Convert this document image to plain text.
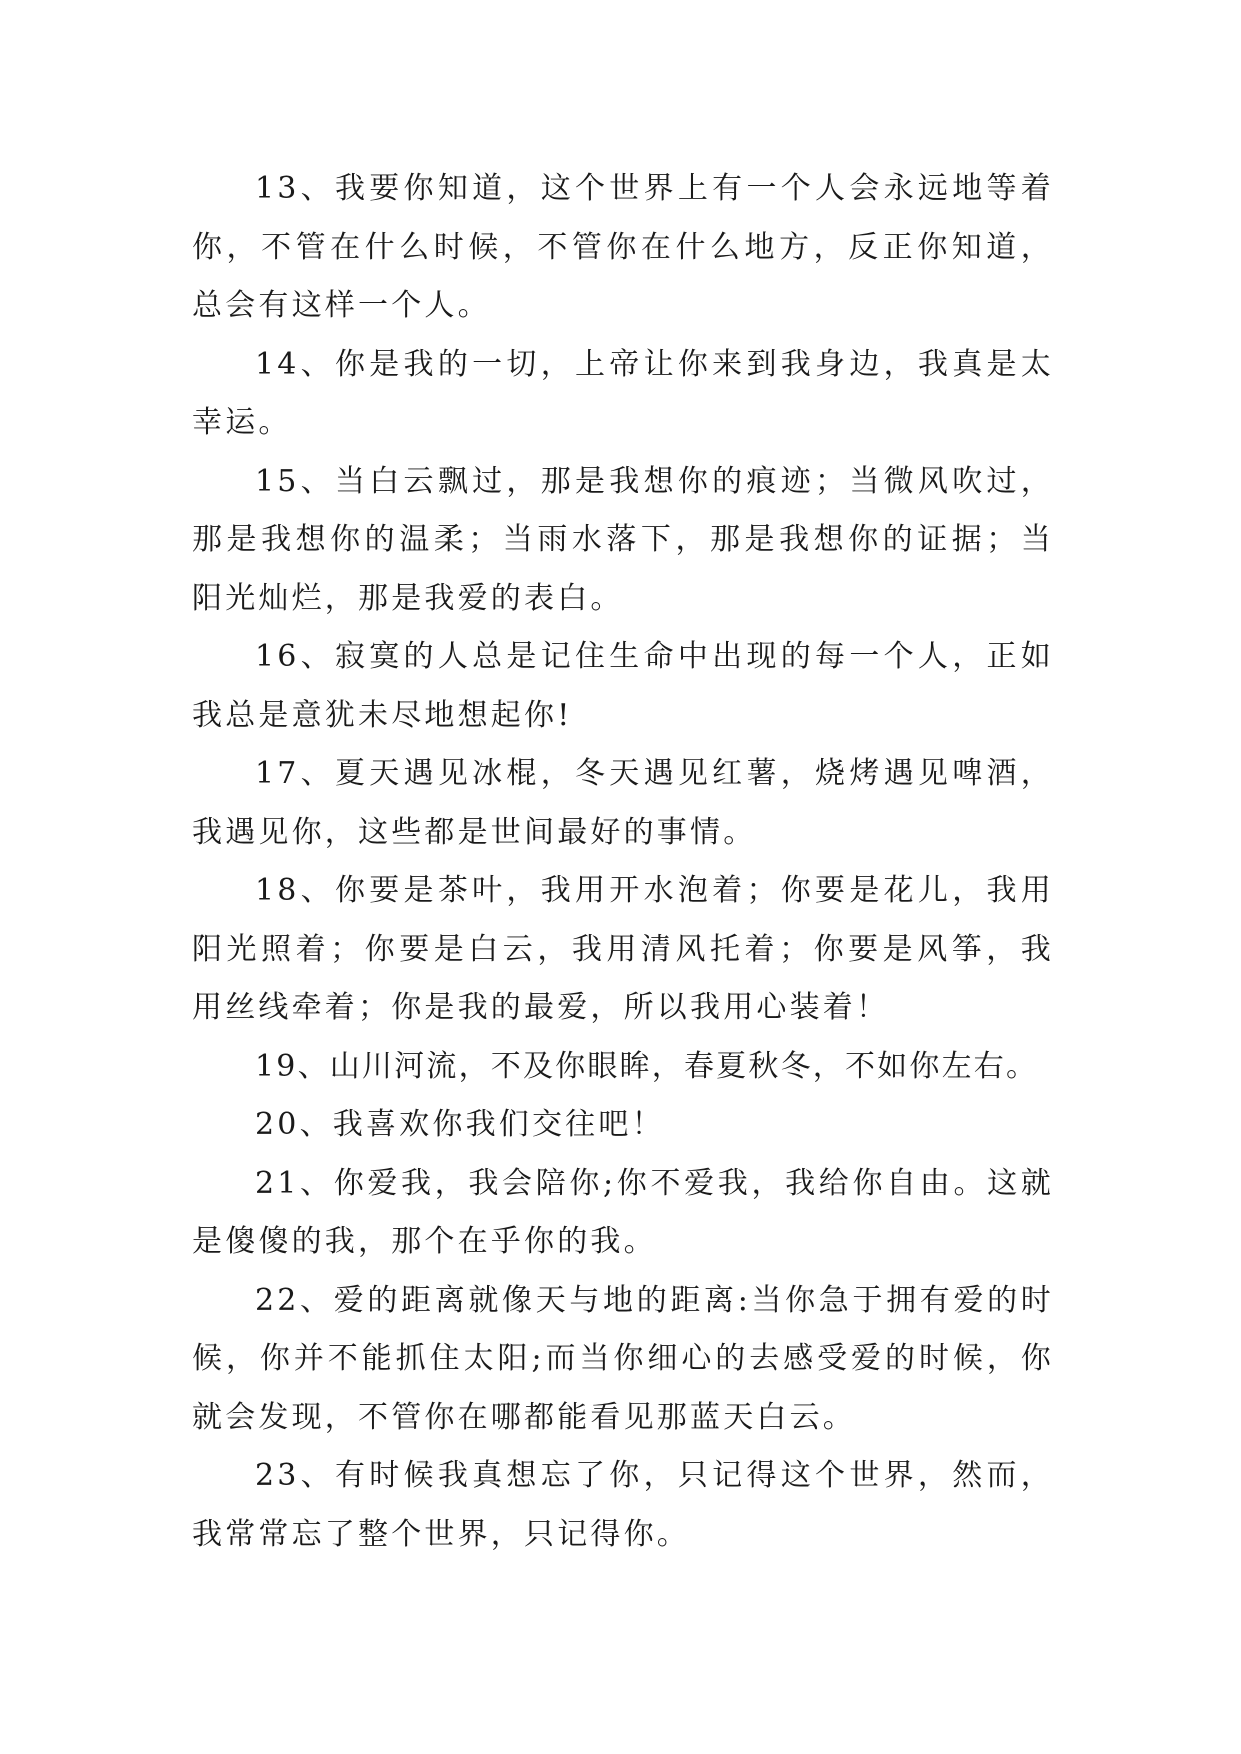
13、我要你知道，这个世界上有一个人会永远地等着你，不管在什么时候，不管你在什么地方，反正你知道，总会有这样一个人。

14、你是我的一切，上帝让你来到我身边，我真是太幸运。

15、当白云飘过，那是我想你的痕迹；当微风吹过，那是我想你的温柔；当雨水落下，那是我想你的证据；当阳光灿烂，那是我爱的表白。

16、寂寞的人总是记住生命中出现的每一个人，正如我总是意犹未尽地想起你!

17、夏天遇见冰棍，冬天遇见红薯，烧烤遇见啤酒，我遇见你，这些都是世间最好的事情。

18、你要是茶叶，我用开水泡着；你要是花儿，我用阳光照着；你要是白云，我用清风托着；你要是风筝，我用丝线牵着；你是我的最爱，所以我用心装着！

19、山川河流，不及你眼眸，春夏秋冬，不如你左右。

20、我喜欢你我们交往吧！

21、你爱我，我会陪你;你不爱我，我给你自由。这就是傻傻的我，那个在乎你的我。

22、爱的距离就像天与地的距离:当你急于拥有爱的时候，你并不能抓住太阳;而当你细心的去感受爱的时候，你就会发现，不管你在哪都能看见那蓝天白云。

23、有时候我真想忘了你，只记得这个世界，然而，我常常忘了整个世界，只记得你。
